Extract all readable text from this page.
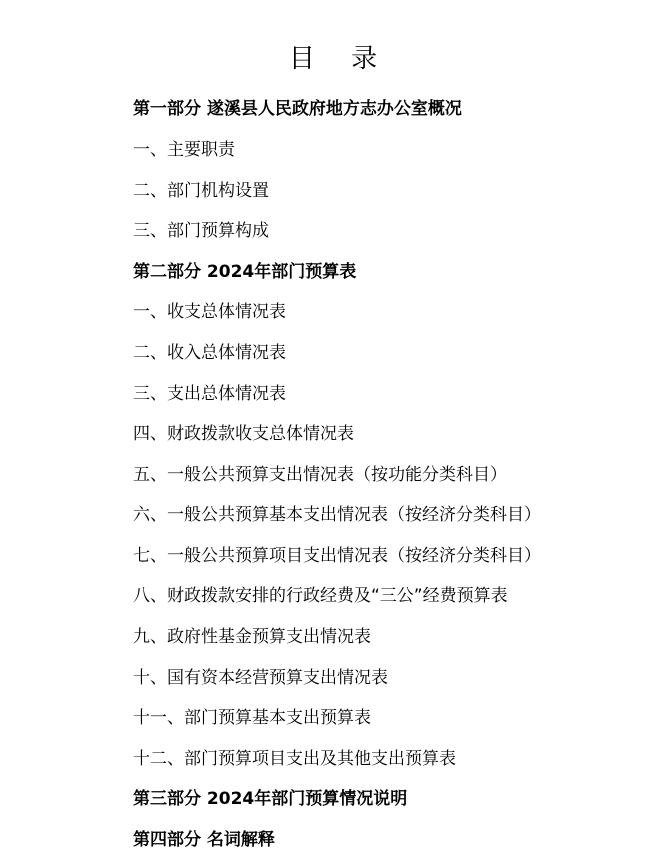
目 录
第一部分 遂溪县人民政府地方志办公室概况
一、主要职责
二、部门机构设置
三、部门预算构成
第二部分 2024年部门预算表
一、收支总体情况表
二、收入总体情况表
三、支出总体情况表
四、财政拨款收支总体情况表
五、一般公共预算支出情况表（按功能分类科目）
六、一般公共预算基本支出情况表（按经济分类科目）
七、一般公共预算项目支出情况表（按经济分类科目）
八、财政拨款安排的行政经费及“三公”经费预算表
九、政府性基金预算支出情况表
十、国有资本经营预算支出情况表
十一、部门预算基本支出预算表
十二、部门预算项目支出及其他支出预算表
第三部分 2024年部门预算情况说明
第四部分 名词解释
